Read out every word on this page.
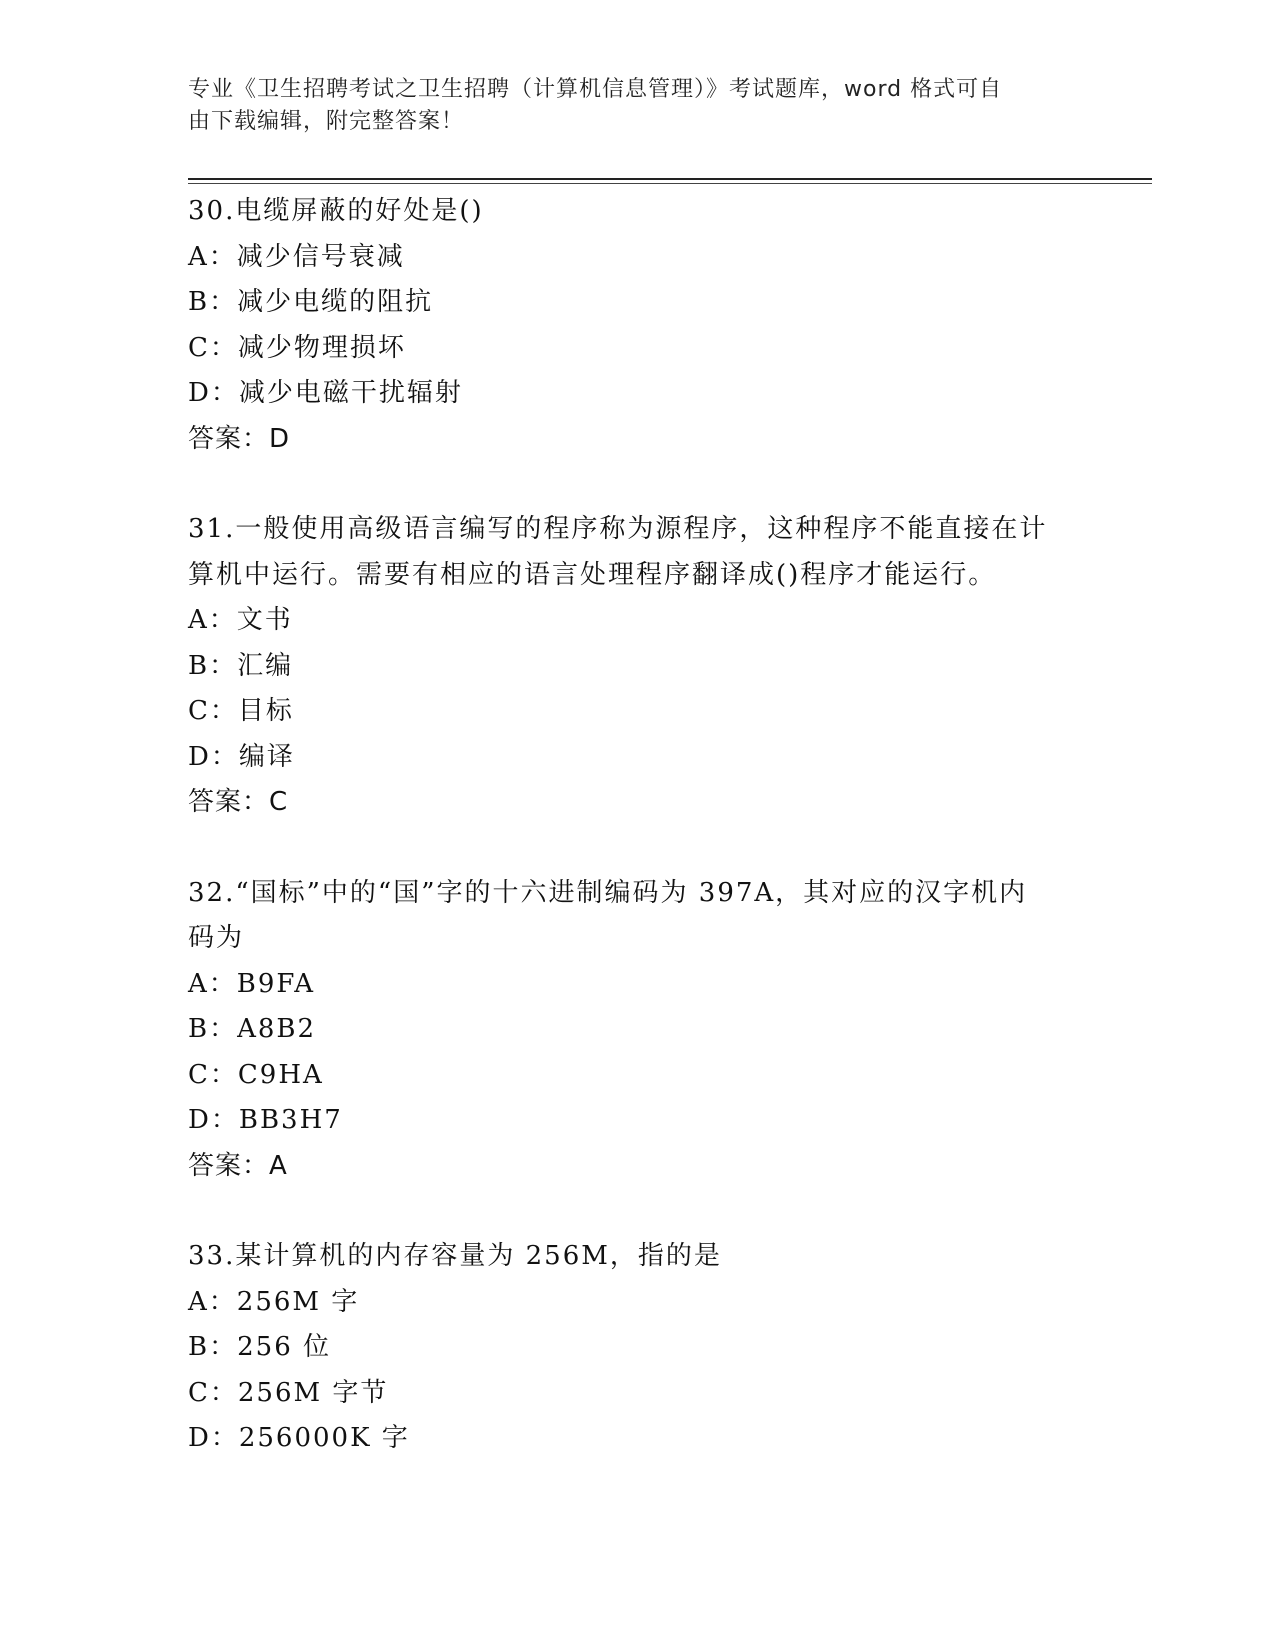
专业《卫生招聘考试之卫生招聘（计算机信息管理）》考试题库，word 格式可自
由下载编辑，附完整答案！
30.电缆屏蔽的好处是()
A：减少信号衰减
B：减少电缆的阻抗
C：减少物理损坏
D：减少电磁干扰辐射
答案：D
31.一般使用高级语言编写的程序称为源程序，这种程序不能直接在计
算机中运行。需要有相应的语言处理程序翻译成()程序才能运行。
A：文书
B：汇编
C：目标
D：编译
答案：C
32.“国标”中的“国”字的十六进制编码为 397A，其对应的汉字机内
码为
A：B9FA
B：A8B2
C：C9HA
D：BB3H7
答案：A
33.某计算机的内存容量为 256M，指的是
A：256M 字
B：256 位
C：256M 字节
D：256000K 字
